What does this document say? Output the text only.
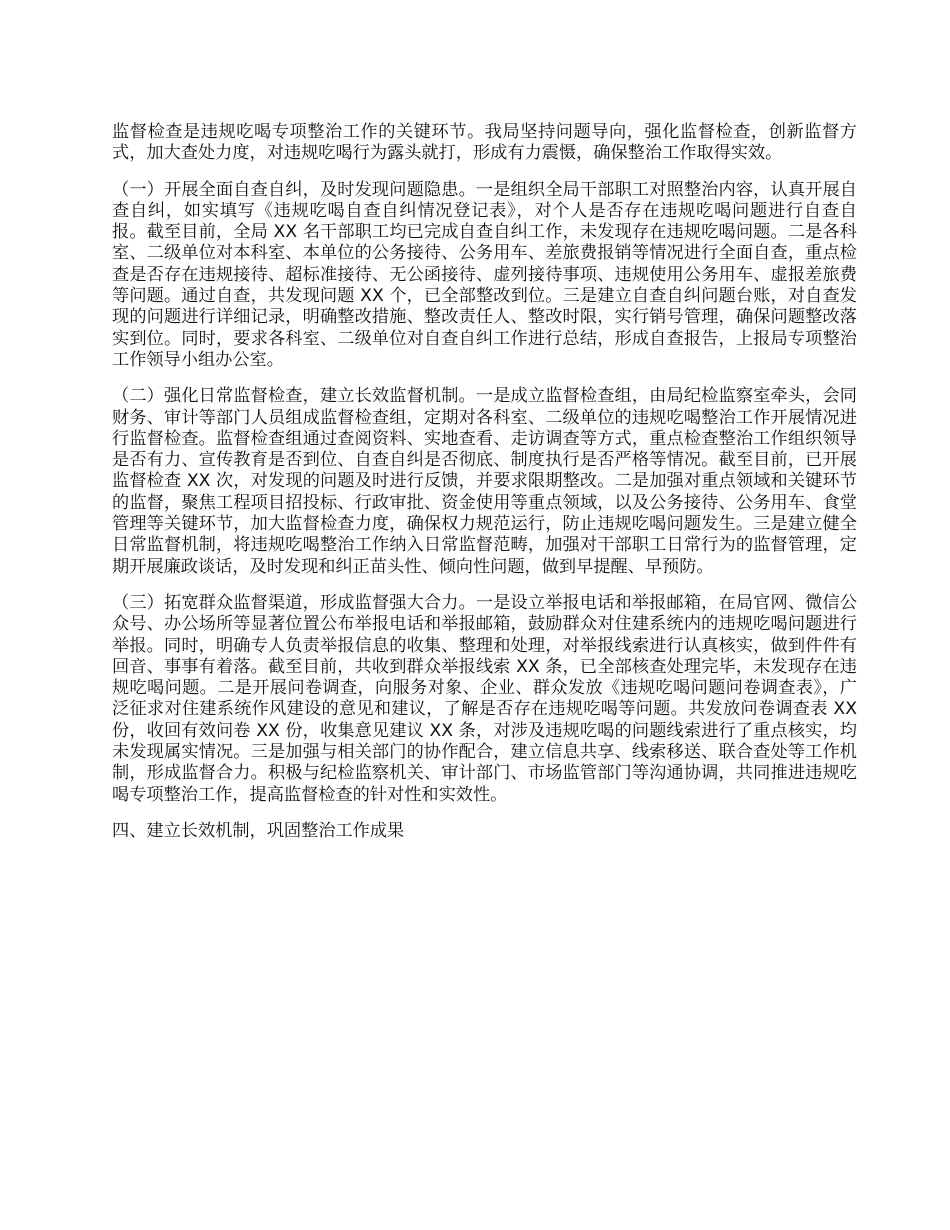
监督检查是违规吃喝专项整治工作的关键环节。我局坚持问题导向，强化监督检查，创新监督方式，加大查处力度，对违规吃喝行为露头就打，形成有力震慑，确保整治工作取得实效。

（一）开展全面自查自纠，及时发现问题隐患。一是组织全局干部职工对照整治内容，认真开展自查自纠，如实填写《违规吃喝自查自纠情况登记表》，对个人是否存在违规吃喝问题进行自查自报。截至目前，全局 XX 名干部职工均已完成自查自纠工作，未发现存在违规吃喝问题。二是各科室、二级单位对本科室、本单位的公务接待、公务用车、差旅费报销等情况进行全面自查，重点检查是否存在违规接待、超标准接待、无公函接待、虚列接待事项、违规使用公务用车、虚报差旅费等问题。通过自查，共发现问题 XX 个，已全部整改到位。三是建立自查自纠问题台账，对自查发现的问题进行详细记录，明确整改措施、整改责任人、整改时限，实行销号管理，确保问题整改落实到位。同时，要求各科室、二级单位对自查自纠工作进行总结，形成自查报告，上报局专项整治工作领导小组办公室。

（二）强化日常监督检查，建立长效监督机制。一是成立监督检查组，由局纪检监察室牵头，会同财务、审计等部门人员组成监督检查组，定期对各科室、二级单位的违规吃喝整治工作开展情况进行监督检查。监督检查组通过查阅资料、实地查看、走访调查等方式，重点检查整治工作组织领导是否有力、宣传教育是否到位、自查自纠是否彻底、制度执行是否严格等情况。截至目前，已开展监督检查 XX 次，对发现的问题及时进行反馈，并要求限期整改。二是加强对重点领域和关键环节的监督，聚焦工程项目招投标、行政审批、资金使用等重点领域，以及公务接待、公务用车、食堂管理等关键环节，加大监督检查力度，确保权力规范运行，防止违规吃喝问题发生。三是建立健全日常监督机制，将违规吃喝整治工作纳入日常监督范畴，加强对干部职工日常行为的监督管理，定期开展廉政谈话，及时发现和纠正苗头性、倾向性问题，做到早提醒、早预防。

（三）拓宽群众监督渠道，形成监督强大合力。一是设立举报电话和举报邮箱，在局官网、微信公众号、办公场所等显著位置公布举报电话和举报邮箱，鼓励群众对住建系统内的违规吃喝问题进行举报。同时，明确专人负责举报信息的收集、整理和处理，对举报线索进行认真核实，做到件件有回音、事事有着落。截至目前，共收到群众举报线索 XX 条，已全部核查处理完毕，未发现存在违规吃喝问题。二是开展问卷调查，向服务对象、企业、群众发放《违规吃喝问题问卷调查表》，广泛征求对住建系统作风建设的意见和建议，了解是否存在违规吃喝等问题。共发放问卷调查表 XX 份，收回有效问卷 XX 份，收集意见建议 XX 条，对涉及违规吃喝的问题线索进行了重点核实，均未发现属实情况。三是加强与相关部门的协作配合，建立信息共享、线索移送、联合查处等工作机制，形成监督合力。积极与纪检监察机关、审计部门、市场监管部门等沟通协调，共同推进违规吃喝专项整治工作，提高监督检查的针对性和实效性。

四、建立长效机制，巩固整治工作成果
